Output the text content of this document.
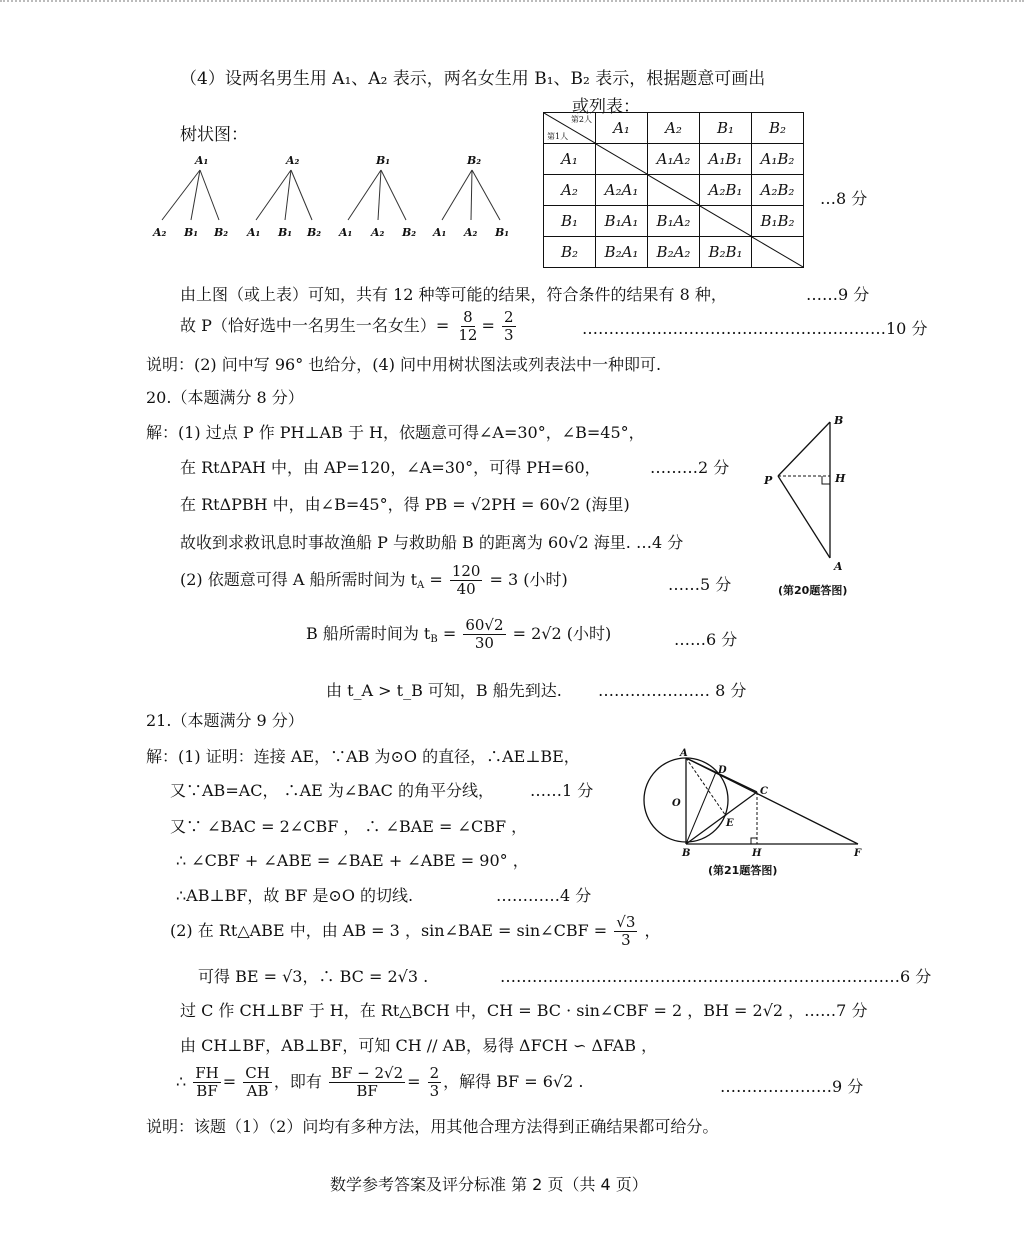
（4）设两名男生用 A₁、A₂ 表示，两名女生用 B₁、B₂ 表示，根据题意可画出
或列表：
树状图：
A₁
A₂ B₁ B₂
A₂
A₁ B₁ B₂
B₁
A₁ A₂ B₂
B₂
A₁ A₂ B₁
第2人
第1人	A₁	A₂	B₁	B₂
A₁		A₁A₂	A₁B₁	A₁B₂
A₂	A₂A₁		A₂B₁	A₂B₂
B₁	B₁A₁	B₁A₂		B₁B₂
B₂	B₂A₁	B₂A₂	B₂B₁	
…8 分
由上图（或上表）可知，共有 12 种等可能的结果，符合条件的结果有 8 种，	……9 分
故 P（恰好选中一名男生一名女生）= $\frac{8}{12} = \frac{2}{3}$	…………………………………………………10 分
说明：(2) 问中写 96° 也给分，(4) 问中用树状图法或列表法中一种即可.
20.（本题满分 8 分）
解：(1) 过点 P 作 PH⊥AB 于 H，依题意可得∠A=30°，∠B=45°，
在 RtΔPAH 中，由 AP=120，∠A=30°，可得 PH=60，	………2 分
在 RtΔPBH 中，由∠B=45°，得 PB = √2PH = 60√2 (海里)
故收到求救讯息时事故渔船 P 与救助船 B 的距离为 60√2 海里. …4 分
(2) 依题意可得 A 船所需时间为 $t_A = \frac{120}{40} = 3$ (小时)	……5 分
B 船所需时间为 $t_B = \frac{60√2}{30} = 2√2$ (小时)	……6 分
由 t_A > t_B 可知，B 船先到达. ………………… 8 分
B
P	H
A
(第20题答图)
21.（本题满分 9 分）
解：(1) 证明：连接 AE，∵AB 为⊙O 的直径，∴AE⊥BE，
又∵AB=AC， ∴AE 为∠BAC 的角平分线， ……1 分
又∵ ∠BAC = 2∠CBF ， ∴ ∠BAE = ∠CBF ，
∴ ∠CBF + ∠ABE = ∠BAE + ∠ABE = 90° ，
∴AB⊥BF，故 BF 是⊙O 的切线.	…………4 分
(2) 在 Rt△ABE 中，由 AB = 3 ，sin∠BAE = sin∠CBF = $\frac{√3}{3}$ ，
可得 BE = √3，∴ BC = 2√3 .	…………………………………………………………………6 分
过 C 作 CH⊥BF 于 H，在 Rt△BCH 中，CH = BC · sin∠CBF = 2 ，BH = 2√2 ，……7 分
由 CH⊥BF，AB⊥BF，可知 CH // AB，易得 ΔFCH ∽ ΔFAB ，
∴ $\frac{FH}{BF} = \frac{CH}{AB}$ ，即有 $\frac{BF - 2√2}{BF} = \frac{2}{3}$ ，解得 BF = 6√2 .	…………………9 分
说明：该题（1）（2）问均有多种方法，用其他合理方法得到正确结果都可给分。
A
D
C
O
E
B	H	F
(第21题答图)
数学参考答案及评分标准 第 2 页（共 4 页）
